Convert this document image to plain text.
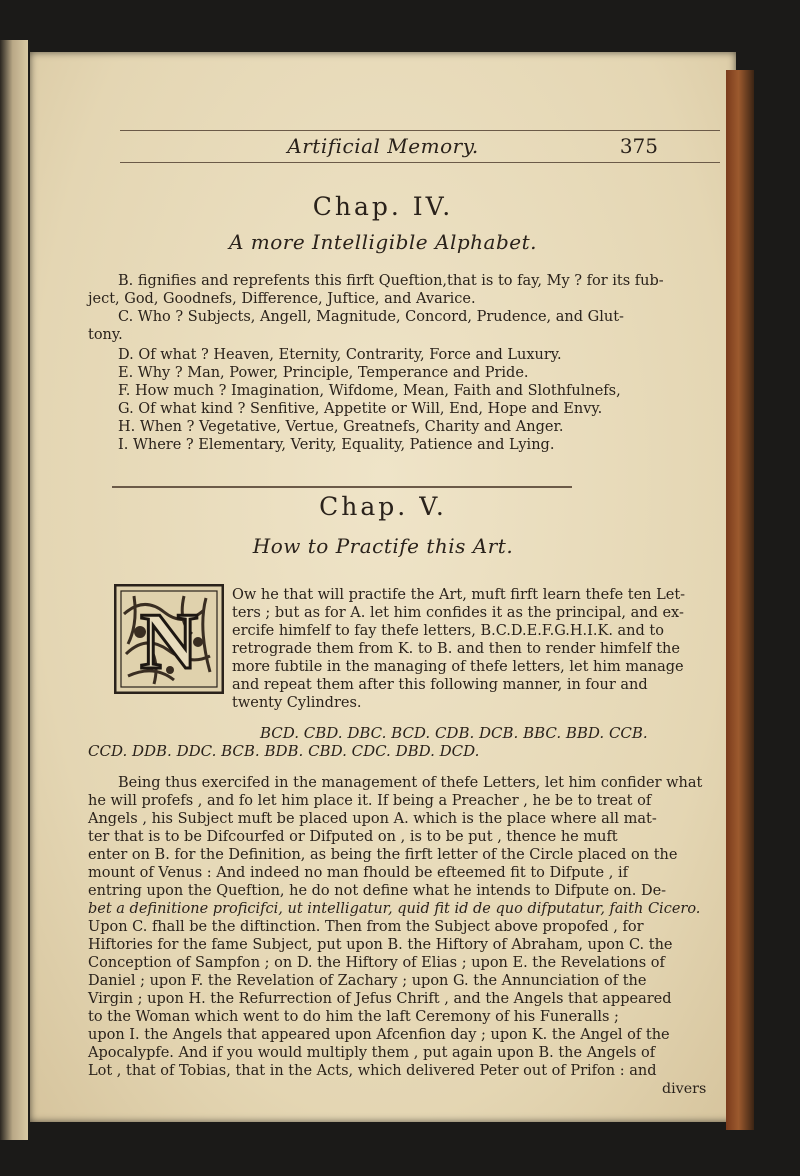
Artificial Memory.	375
Chap. IV.
A more Intelligible Alphabet.
B. fignifies and reprefents this firft Queftion,that is to fay, My ? for its fub-
ject, God, Goodnefs, Difference, Juftice, and Avarice.
C. Who ? Subjects, Angell, Magnitude, Concord, Prudence, and Glut-
tony.
D. Of what ? Heaven, Eternity, Contrarity, Force and Luxury.
E. Why ? Man, Power, Principle, Temperance and Pride.
F. How much ? Imagination, Wifdome, Mean, Faith and Slothfulnefs,
G. Of what kind ? Senfitive, Appetite or Will, End, Hope and Envy.
H. When ? Vegetative, Vertue, Greatnefs, Charity and Anger.
I. Where ? Elementary, Verity, Equality, Patience and Lying.
Chap. V.
How to Practife this Art.
N
Ow he that will practife the Art, muft firft learn thefe ten Let-
ters ; but as for A. let him confides it as the principal, and ex-
ercife himfelf to fay thefe letters, B.C.D.E.F.G.H.I.K. and to
retrograde them from K. to B. and then to render himfelf the
more fubtile in the managing of thefe letters, let him manage
and repeat them after this following manner, in four and
twenty Cylindres.
BCD. CBD. DBC. BCD. CDB. DCB. BBC. BBD. CCB.
CCD. DDB. DDC. BCB. BDB. CBD. CDC. DBD. DCD.
Being thus exercifed in the management of thefe Letters, let him confider what
he will profefs , and fo let him place it. If being a Preacher , he be to treat of
Angels , his Subject muft be placed upon A. which is the place where all mat-
ter that is to be Difcourfed or Difputed on , is to be put , thence he muft
enter on B. for the Definition, as being the firft letter of the Circle placed on the
mount of Venus : And indeed no man fhould be efteemed fit to Difpute , if
entring upon the Queftion, he do not define what he intends to Difpute on. De-
bet a definitione proficifci, ut intelligatur, quid fit id de quo difputatur, faith Cicero.
Upon C. fhall be the diftinction. Then from the Subject above propofed , for
Hiftories for the fame Subject, put upon B. the Hiftory of Abraham, upon C. the
Conception of Sampfon ; on D. the Hiftory of Elias ; upon E. the Revelations of
Daniel ; upon F. the Revelation of Zachary ; upon G. the Annunciation of the
Virgin ; upon H. the Refurrection of Jefus Chrift , and the Angels that appeared
to the Woman which went to do him the laft Ceremony of his Funeralls ;
upon I. the Angels that appeared upon Afcenfion day ; upon K. the Angel of the
Apocalypfe. And if you would multiply them , put again upon B. the Angels of
Lot , that of Tobias, that in the Acts, which delivered Peter out of Prifon : and
divers
